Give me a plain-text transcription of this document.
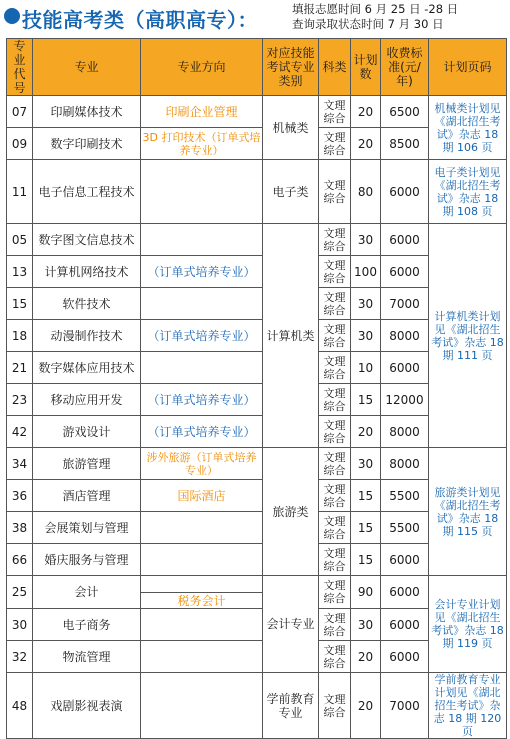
技能高考类（高职高专）：	填报志愿时间 6 月 25 日 -28 日
查询录取状态时间 7 月 30 日
专业代号	专业	专业方向	对应技能考试专业类别	科类	计划数	收费标准(元/年)	计划页码
07	印刷媒体技术	印刷企业管理	机械类	文理综合	20	6500	机械类计划见《湖北招生考试》杂志 18 期 106 页
09	数字印刷技术	3D 打印技术（订单式培养专业）		文理综合	20	8500	
11	电子信息工程技术		电子类	文理综合	80	6000	电子类计划见《湖北招生考试》杂志 18 期 108 页
05	数字图文信息技术		计算机类	文理综合	30	6000	计算机类计划见《湖北招生考试》杂志 18 期 111 页
13	计算机网络技术	（订单式培养专业）		文理综合	100	6000	
15	软件技术			文理综合	30	7000	
18	动漫制作技术	（订单式培养专业）		文理综合	30	8000	
21	数字媒体应用技术			文理综合	10	6000	
23	移动应用开发	（订单式培养专业）		文理综合	15	12000	
42	游戏设计	（订单式培养专业）		文理综合	20	8000	
34	旅游管理	涉外旅游（订单式培养专业）	旅游类	文理综合	30	8000	旅游类计划见《湖北招生考试》杂志 18 期 115 页
36	酒店管理	国际酒店		文理综合	15	5500	
38	会展策划与管理			文理综合	15	5500	
66	婚庆服务与管理			文理综合	15	6000	
25	会计	税务会计	会计专业	文理综合	90	6000	会计专业计划见《湖北招生考试》杂志 18 期 119 页
30	电子商务			文理综合	30	6000	
32	物流管理			文理综合	20	6000	
48	戏剧影视表演		学前教育专业	文理综合	20	7000	学前教育专业计划见《湖北招生考试》杂志 18 期 120 页
